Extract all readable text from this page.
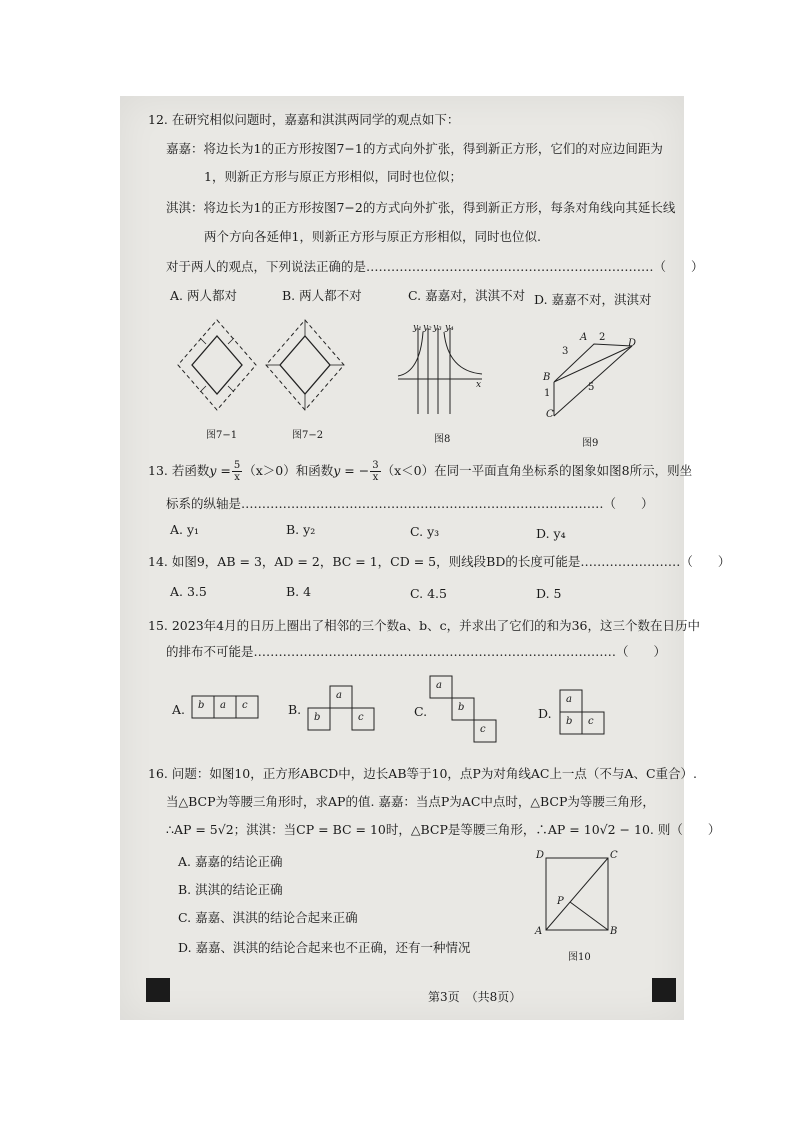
12. 在研究相似问题时，嘉嘉和淇淇两同学的观点如下：
嘉嘉：将边长为1的正方形按图7−1的方式向外扩张，得到新正方形，它们的对应边间距为
1，则新正方形与原正方形相似，同时也位似；
淇淇：将边长为1的正方形按图7−2的方式向外扩张，得到新正方形，每条对角线向其延长线
两个方向各延伸1，则新正方形与原正方形相似，同时也位似.
对于两人的观点，下列说法正确的是……………………………………………………………（　　）
A. 两人都对	B. 两人都不对	C. 嘉嘉对，淇淇不对 D. 嘉嘉不对，淇淇对
图7−1	图7−2
y₁ y₂ y₃ y₄
x
图8
A 2
D
3
B
1
5
C
图9
13. 若函数$y = \frac{5}{x} (x>0)$和函数y = − $\frac{3}{x} (x<0)$在同一平面直角坐标系的图象如图8所示，则坐
标系的纵轴是……………………………………………………………………………（　　）
A. y₁	B. y₂	C. y₃	D. y₄
14. 如图9，AB = 3，AD = 2，BC = 1，CD = 5，则线段BD的长度可能是……………………（　　）
A. 3.5	B. 4	C. 4.5	D. 5
15. 2023年4月的日历上圈出了相邻的三个数a、b、c，并求出了它们的和为36，这三个数在日历中
的排布不可能是……………………………………………………………………………（　　）
A.	B.	C.	D.
b a c
a
b	c
a
b
c
a
b c
16. 问题：如图10，正方形ABCD中，边长AB等于10，点P为对角线AC上一点（不与A、C重合）.
当△BCP为等腰三角形时，求AP的值. 嘉嘉：当点P为AC中点时，△BCP为等腰三角形，
∴AP = 5√2；淇淇：当CP = BC = 10时，△BCP是等腰三角形，∴AP = 10√2 − 10. 则（　　）
A. 嘉嘉的结论正确
B. 淇淇的结论正确
C. 嘉嘉、淇淇的结论合起来正确
D. 嘉嘉、淇淇的结论合起来也不正确，还有一种情况
D	C
P
A	B
图10
第3页　（共8页）
